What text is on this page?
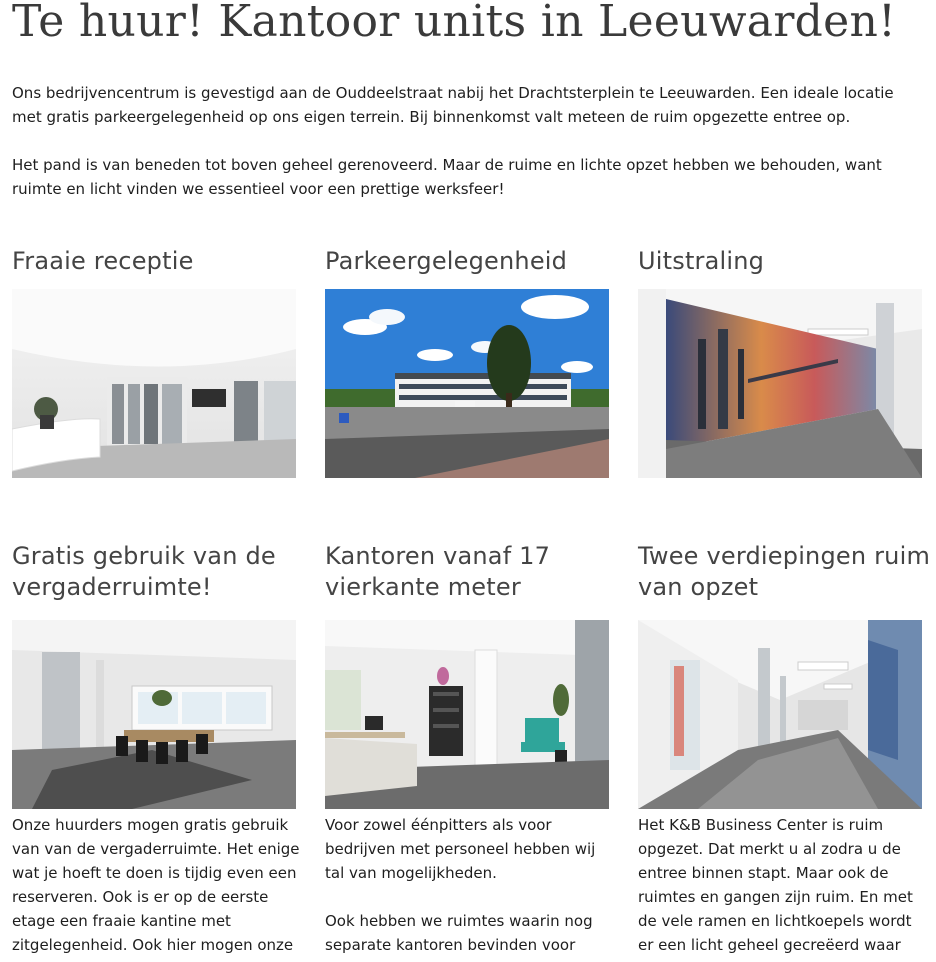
Te huur! Kantoor units in Leeuwarden!

Ons bedrijvencentrum is gevestigd aan de Ouddeelstraat nabij het Drachtsterplein te Leeuwarden. Een ideale locatie met gratis parkeergelegenheid op ons eigen terrein. Bij binnenkomst valt meteen de ruim opgezette entree op.

Het pand is van beneden tot boven geheel gerenoveerd. Maar de ruime en lichte opzet hebben we behouden, want ruimte en licht vinden we essentieel voor een prettige werksfeer!

Fraaie receptie	Parkeergelegenheid	Uitstraling
Gratis gebruik van de vergaderruimte!

Onze huurders mogen gratis gebruik van van de vergaderruimte. Het enige wat je hoeft te doen is tijdig even een reserveren. Ook is er op de eerste etage een fraaie kantine met zitgelegenheid. Ook hier mogen onze

Kantoren vanaf 17 vierkante meter

Voor zowel éénpitters als voor bedrijven met personeel hebben wij tal van mogelijkheden.

Ook hebben we ruimtes waarin nog separate kantoren bevinden voor

Twee verdiepingen ruim van opzet

Het K&B Business Center is ruim opgezet. Dat merkt u al zodra u de entree binnen stapt. Maar ook de ruimtes en gangen zijn ruim. En met de vele ramen en lichtkoepels wordt er een licht geheel gecreëerd waar
